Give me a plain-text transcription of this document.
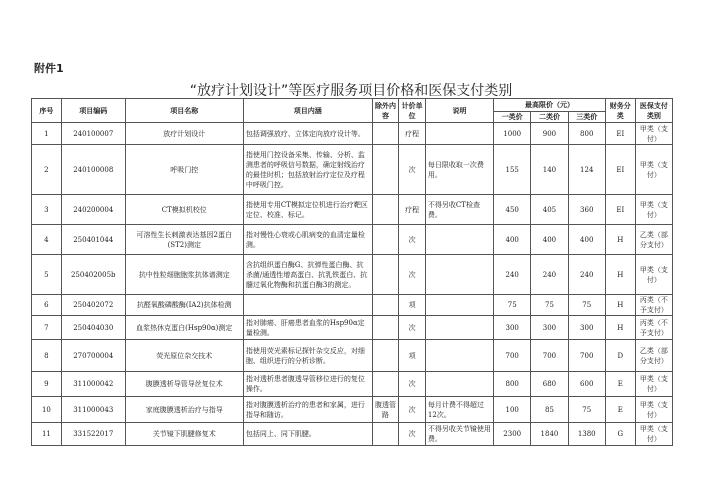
附件1
“放疗计划设计”等医疗服务项目价格和医保支付类别
序号	项目编码	项目名称	项目内涵	除外内容	计价单位	说明	最高限价（元）			财务分类	医保支付类别
							一类价	二类价	三类价		
1	240100007	放疗计划设计	包括调强放疗、立体定向放疗设计等。		疗程		1000	900	800	EI	甲类（支付）
2	240100008	呼吸门控	指使用门控设备采集、传输、分析、监测患者的呼吸信号数据，确定射线治疗的最佳时机；包括放射治疗定位及疗程中呼吸门控。		次	每日限收取一次费用。	155	140	124	EI	甲类（支付）
3	240200004	CT模拟机校位	指使用专用CT模拟定位机进行治疗靶区定位、校准、标记。		疗程	不得另收CT检查费。	450	405	360	EI	甲类（支付）
4	250401044	可溶性生长刺激表达基因2蛋白(ST2)测定	指对慢性心衰或心肌病变的血清定量检测。		次		400	400	400	H	乙类（部分支付）
5	250402005b	抗中性粒细胞胞浆抗体谱测定	含抗组织蛋白酶G、抗弹性蛋白酶、抗杀菌/通透性增高蛋白、抗乳铁蛋白、抗髓过氧化物酶和抗蛋白酶3的测定。		次		240	240	240	H	甲类（支付）
6	250402072	抗醛氧酸磷酸酶(IA2)抗体检测			项		75	75	75	H	丙类（不予支付）
7	250404030	血浆热休克蛋白(Hsp90α)测定	指对肺癌、肝癌患者血浆的Hsp90α定量检测。		次		300	300	300	H	丙类（不予支付）
8	270700004	荧光原位杂交技术	指使用荧光素标记探针杂交反应，对细胞、组织进行的分析诊断。		项		700	700	700	D	乙类（部分支付）
9	311000042	腹膜透析导管导丝复位术	指对透析患者腹透导管移位进行的复位操作。		次		800	680	600	E	甲类（支付）
10	311000043	家庭腹膜透析治疗与指导	指对腹膜透析治疗的患者和家属，进行指导和随访。	腹透管路	次	每月计费不得超过12次。	100	85	75	E	甲类（支付）
11	331522017	关节镜下肌腱修复术	包括同上、同下肌腱。		次	不得另收关节镜使用费。	2300	1840	1380	G	甲类（支付）
